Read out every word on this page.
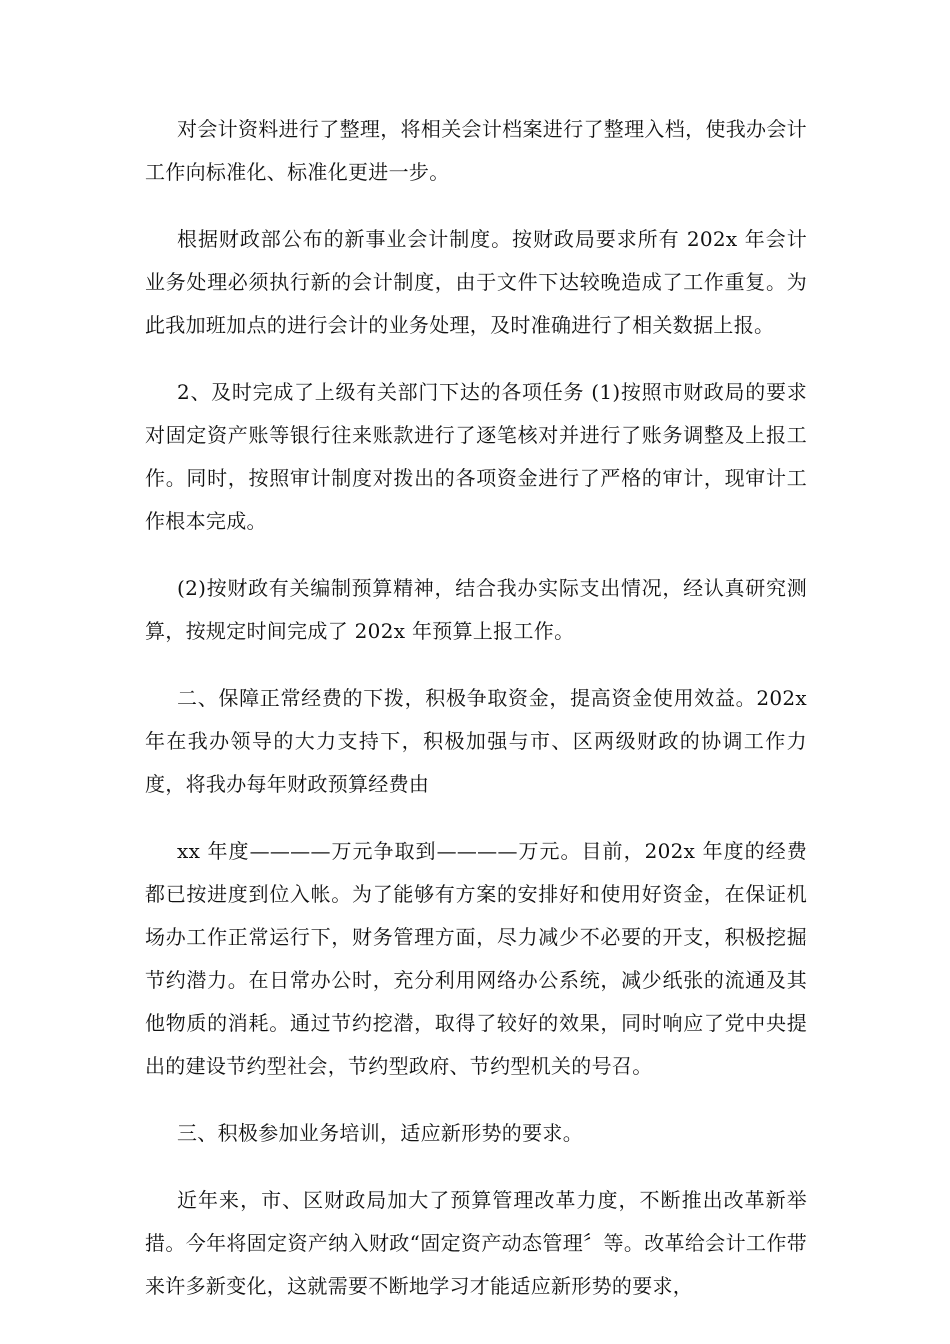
对会计资料进行了整理，将相关会计档案进行了整理入档，使我办会计工作向标准化、标准化更进一步。

根据财政部公布的新事业会计制度。按财政局要求所有 202x 年会计业务处理必须执行新的会计制度，由于文件下达较晚造成了工作重复。为此我加班加点的进行会计的业务处理，及时准确进行了相关数据上报。

2、及时完成了上级有关部门下达的各项任务 (1)按照市财政局的要求对固定资产账等银行往来账款进行了逐笔核对并进行了账务调整及上报工作。同时，按照审计制度对拨出的各项资金进行了严格的审计，现审计工作根本完成。

(2)按财政有关编制预算精神，结合我办实际支出情况，经认真研究测算，按规定时间完成了 202x 年预算上报工作。

二、保障正常经费的下拨，积极争取资金，提高资金使用效益。202x 年在我办领导的大力支持下，积极加强与市、区两级财政的协调工作力度，将我办每年财政预算经费由

xx 年度————万元争取到————万元。目前，202x 年度的经费都已按进度到位入帐。为了能够有方案的安排好和使用好资金，在保证机场办工作正常运行下，财务管理方面，尽力减少不必要的开支，积极挖掘节约潜力。在日常办公时，充分利用网络办公系统，减少纸张的流通及其他物质的消耗。通过节约挖潜，取得了较好的效果，同时响应了党中央提出的建设节约型社会，节约型政府、节约型机关的号召。

三、积极参加业务培训，适应新形势的要求。

近年来，市、区财政局加大了预算管理改革力度，不断推出改革新举措。今年将固定资产纳入财政“固定资产动态管理〞等。改革给会计工作带来许多新变化，这就需要不断地学习才能适应新形势的要求，
